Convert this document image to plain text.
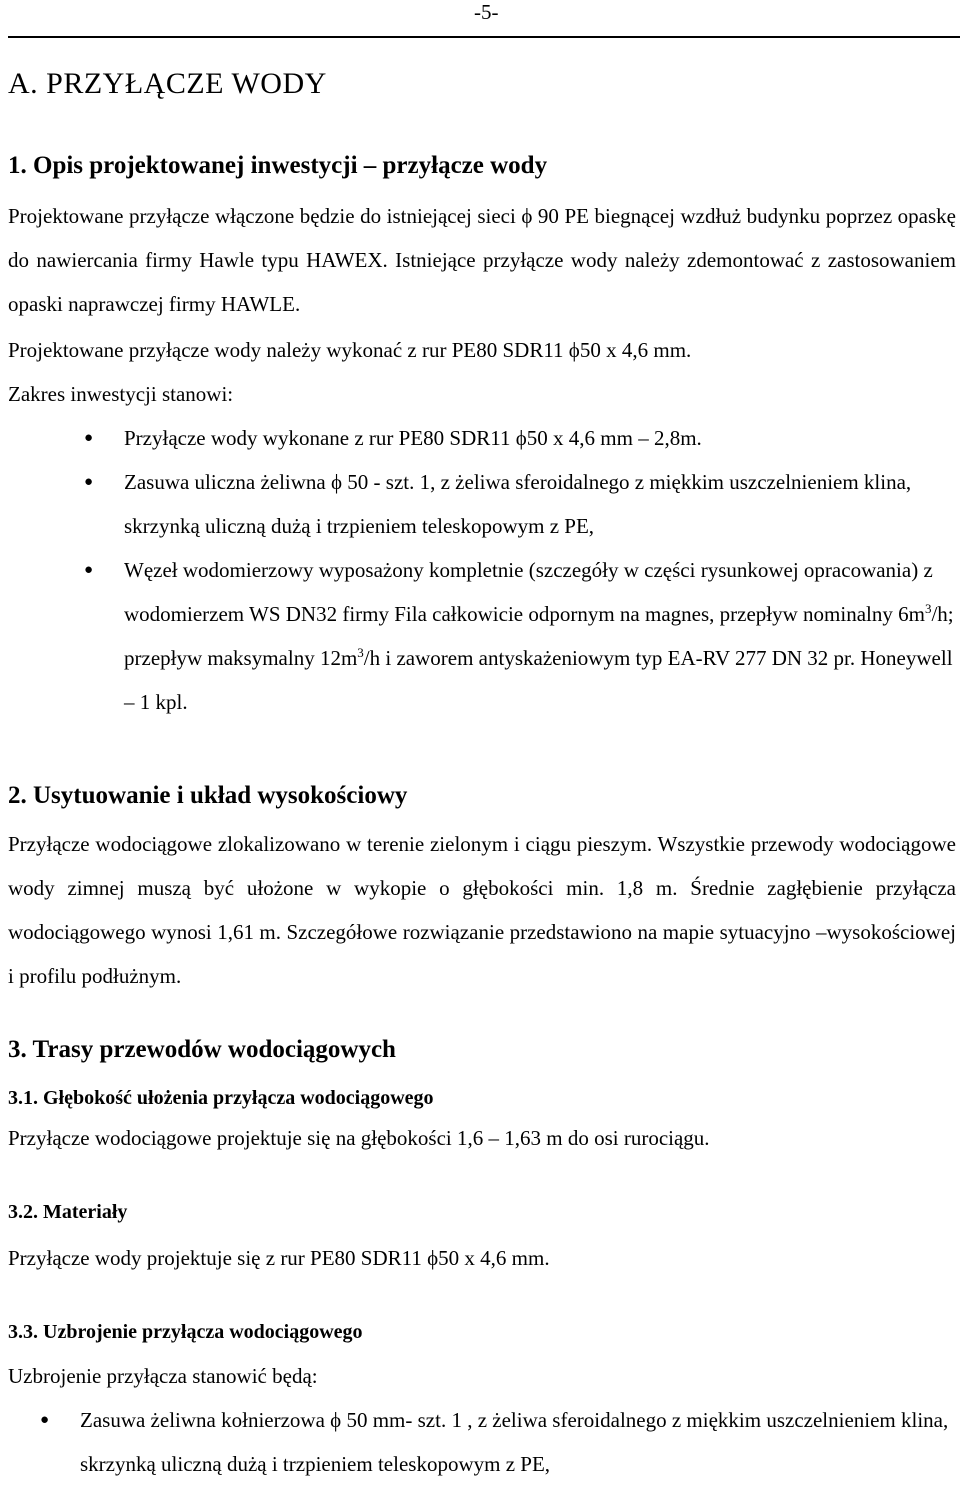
-5-
A. PRZYŁĄCZE WODY
1. Opis projektowanej inwestycji – przyłącze wody

Projektowane przyłącze włączone będzie do istniejącej sieci ϕ 90 PE biegnącej wzdłuż budynku poprzez opaskę do nawiercania firmy Hawle typu HAWEX. Istniejące przyłącze wody należy zdemontować z zastosowaniem opaski naprawczej firmy HAWLE.

Projektowane przyłącze wody należy wykonać z rur PE80 SDR11 ϕ50 x 4,6 mm.

Zakres inwestycji stanowi:

● Przyłącze wody wykonane z rur PE80 SDR11 ϕ50 x 4,6 mm – 2,8m.
● Zasuwa uliczna żeliwna ϕ 50 - szt. 1, z żeliwa sferoidalnego z miękkim uszczelnieniem klina, skrzynką uliczną dużą i trzpieniem teleskopowym z PE,
● Węzeł wodomierzowy wyposażony kompletnie (szczegóły w części rysunkowej opracowania) z wodomierzem WS DN32 firmy Fila całkowicie odpornym na magnes, przepływ nominalny $6m^3/h$; przepływ maksymalny $12m^3/h$ i zaworem antyskażeniowym typ EA-RV 277 DN 32 pr. Honeywell – 1 kpl.
2. Usytuowanie i układ wysokościowy

Przyłącze wodociągowe zlokalizowano w terenie zielonym i ciągu pieszym. Wszystkie przewody wodociągowe wody zimnej muszą być ułożone w wykopie o głębokości min. 1,8 m. Średnie zagłębienie przyłącza wodociągowego wynosi 1,61 m. Szczegółowe rozwiązanie przedstawiono na mapie sytuacyjno –wysokościowej i profilu podłużnym.

3. Trasy przewodów wodociągowych
3.1. Głębokość ułożenia przyłącza wodociągowego

Przyłącze wodociągowe projektuje się na głębokości 1,6 – 1,63 m do osi rurociągu.

3.2. Materiały

Przyłącze wody projektuje się z rur PE80 SDR11 ϕ50 x 4,6 mm.

3.3. Uzbrojenie przyłącza wodociągowego

Uzbrojenie przyłącza stanowić będą:

● Zasuwa żeliwna kołnierzowa ϕ 50 mm- szt. 1 , z żeliwa sferoidalnego z miękkim uszczelnieniem klina, skrzynką uliczną dużą i trzpieniem teleskopowym z PE,
